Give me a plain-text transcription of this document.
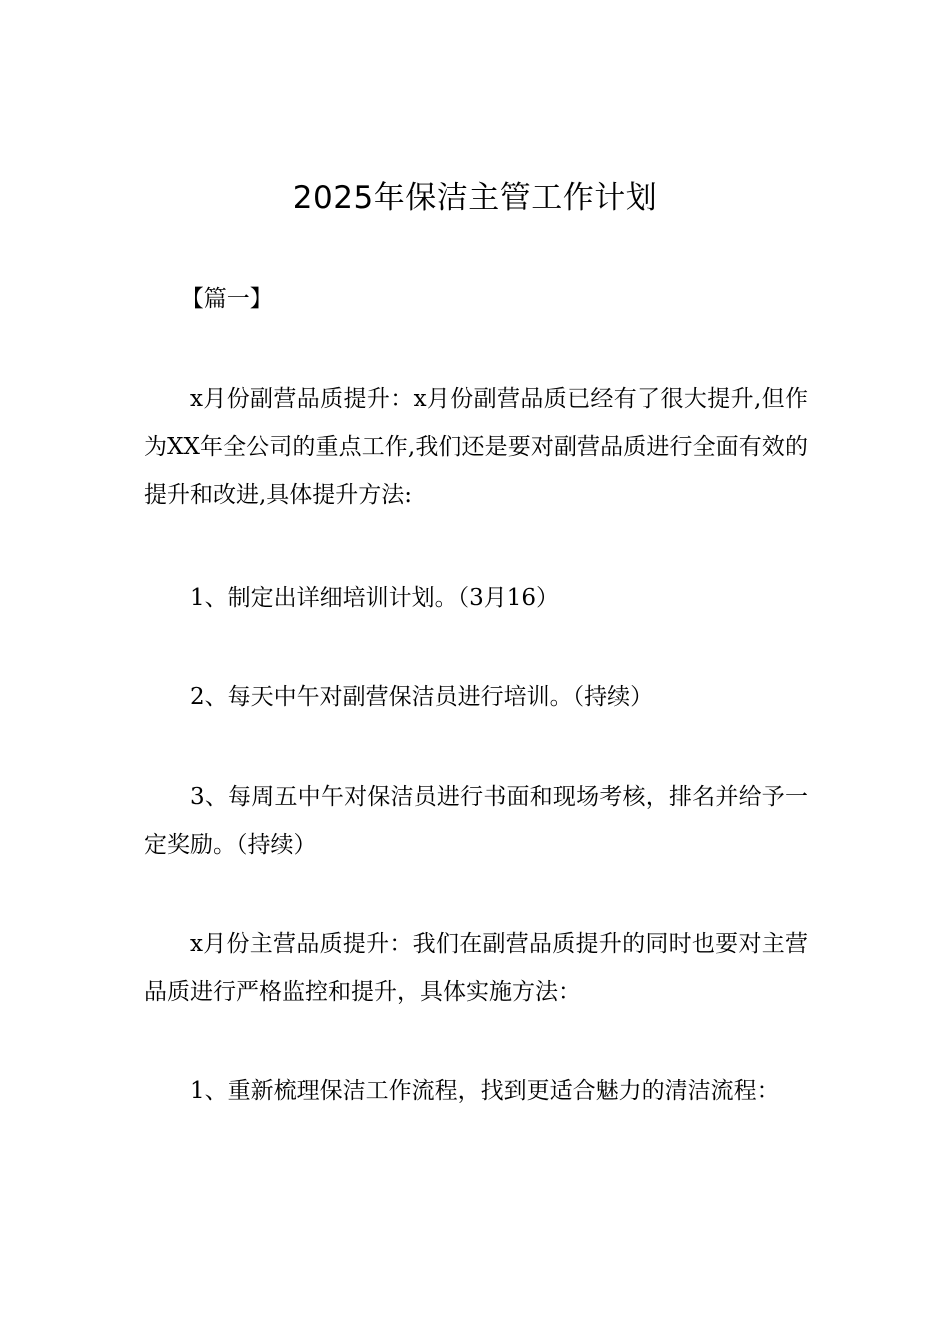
2025年保洁主管工作计划

【篇一】

x月份副营品质提升：x月份副营品质已经有了很大提升,但作为XX年全公司的重点工作,我们还是要对副营品质进行全面有效的提升和改进,具体提升方法:

1、制定出详细培训计划。（3月16）

2、每天中午对副营保洁员进行培训。（持续）

3、每周五中午对保洁员进行书面和现场考核，排名并给予一定奖励。（持续）

x月份主营品质提升：我们在副营品质提升的同时也要对主营品质进行严格监控和提升，具体实施方法：

1、重新梳理保洁工作流程，找到更适合魅力的清洁流程：
